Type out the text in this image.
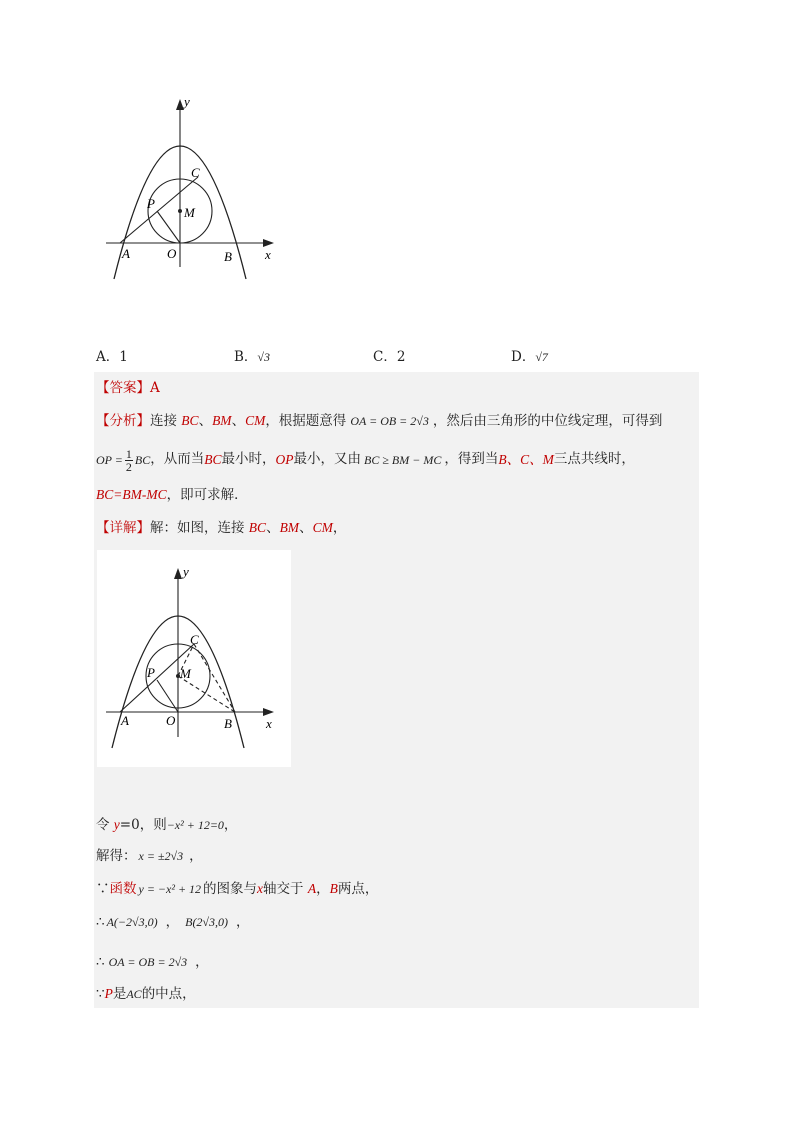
y
x
C
P
M
A	O	B
A．1	B．√3	C．2	D．√7
【答案】A
【分析】连接 BC、BM、CM，根据题意得 OA = OB = 2√3 ，然后由三角形的中位线定理，可得到
OP = $\frac{1}{2}$ BC ，从而当 BC 最小时， OP 最小，又由 BC ≥ BM − MC ，得到当 B、C、M 三点共线时，
BC=BM-MC，即可求解．
【详解】解：如图，连接 BC、BM、CM，
y
x
C
P M
A	O	B
令 y=0，则−x² + 12=0，
解得： x = ±2√3 ，
∵函数 y = −x² + 12 的图象与x轴交于 A，B两点，
∴ A(−2√3,0) ， B(2√3,0) ，
∴ OA = OB = 2√3 ，
∵P是AC的中点，
